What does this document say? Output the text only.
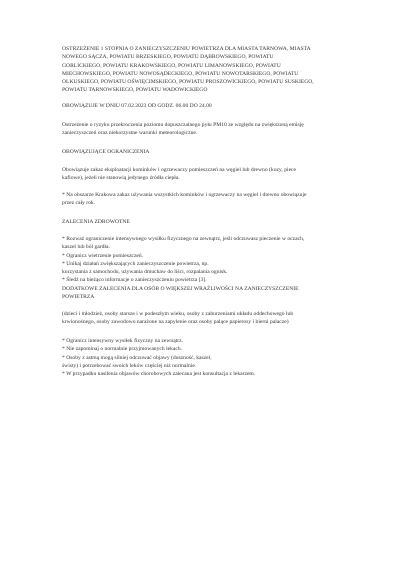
OSTRZEŻENIE 1 STOPNIA O ZANIECZYSZCZENIU POWIETRZA DLA MIASTA TARNOWA, MIASTA
NOWEGO SĄCZA, POWIATU BRZESKIEGO, POWIATU DĄBROWSKIEGO, POWIATU
GORLICKIEGO, POWIATU KRAKOWSKIEGO, POWIATU LIMANOWSKIEGO, POWIATU
MIECHOWSKIEGO, POWIATU NOWOSĄDECKIEGO, POWIATU NOWOTARSKIEGO, POWIATU
OLKUSKIEGO, POWIATU OŚWIĘCIMSKIEGO, POWIATU PROSZOWICKIEGO, POWIATU SUSKIEGO,
POWIATU TARNOWSKIEGO, POWIATU WADOWICKIEGO

OBOWIĄZUJE W DNIU 07.02.2023 OD GODZ. 06.00 DO 24.00

Ostrzeżenie o ryzyku przekroczenia poziomu dopuszczalnego pyłu PM10 ze względu na zwiększoną emisję
zanieczyszczeń oraz niekorzystne warunki meteorologiczne.

OBOWIĄZUJĄCE OGRANICZENIA

Obowiązuje zakaz eksploatacji kominków i ogrzewaczy pomieszczeń na węgiel lub drewno (kozy, piece
kaflowe), jeżeli nie stanowią jedynego źródła ciepła.

* Na obszarze Krakowa zakaz używania wszystkich kominków i ogrzewaczy na węgiel i drewno obowiązuje
przez cały rok.

ZALECENIA ZDROWOTNE

* Rozważ ograniczenie intensywnego wysiłku fizycznego na zewnątrz, jeśli odczuwasz pieczenie w oczach,
kaszel lub ból gardła.
* Ogranicz wietrzenie pomieszczeń.
* Unikaj działań zwiększających zanieczyszczenie powietrza, np.
korzystania z samochodu, używania dmuchaw do liści, rozpalania ognisk.
* Śledź na bieżąco informacje o zanieczyszczeniu powietrza [3].

DODATKOWE ZALECENIA DLA OSÓB O WIĘKSZEJ WRAŻLIWOŚCI NA ZANIECZYSZCZENIE
POWIETRZA

(dzieci i młodzież, osoby starsze i w podeszłym wieku, osoby z zaburzeniami układu oddechowego lub
krwionośnego, osoby zawodowo narażone na zapylenie oraz osoby palące papierosy i bierni palacze)

* Ogranicz intensywny wysiłek fizyczny na zewnątrz.
* Nie zapominaj o normalnie przyjmowanych lekach.
* Osoby z astmą mogą silniej odczuwać objawy (duszność, kaszel,
świsty) i potrzebować swoich leków częściej niż normalnie.
* W przypadku nasilenia objawów chorobowych zalecana jest konsultacja z lekarzem.
